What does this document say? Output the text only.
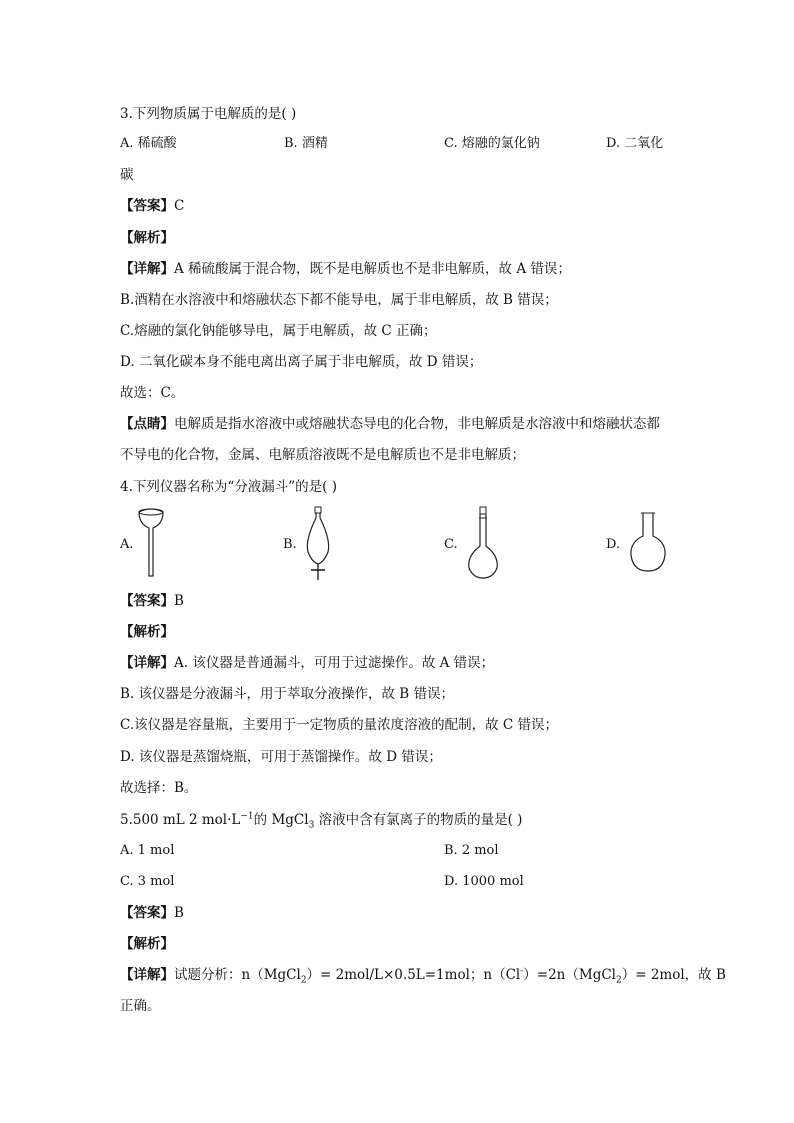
3.下列物质属于电解质的是( )
A. 稀硫酸	B. 酒精	C. 熔融的氯化钠	D. 二氧化
碳
【答案】C
【解析】
【详解】A 稀硫酸属于混合物，既不是电解质也不是非电解质，故 A 错误；
B.酒精在水溶液中和熔融状态下都不能导电，属于非电解质，故 B 错误；
C.熔融的氯化钠能够导电，属于电解质，故 C 正确；
D. 二氧化碳本身不能电离出离子属于非电解质，故 D 错误；
故选：C。
【点睛】电解质是指水溶液中或熔融状态导电的化合物，非电解质是水溶液中和熔融状态都
不导电的化合物，金属、电解质溶液既不是电解质也不是非电解质；
4.下列仪器名称为“分液漏斗”的是( )
A.	B.	C.	D.
【答案】B
【解析】
【详解】A. 该仪器是普通漏斗，可用于过滤操作。故 A 错误；
B. 该仪器是分液漏斗，用于萃取分液操作，故 B 错误；
C.该仪器是容量瓶，主要用于一定物质的量浓度溶液的配制，故 C 错误；
D. 该仪器是蒸馏烧瓶，可用于蒸馏操作。故 D 错误；
故选择：B。
5.500 mL 2 $mol\cdot L^{-1}$的 MgCl$_3$ 溶液中含有氯离子的物质的量是( )
A. 1 mol	B. 2 mol
C. 3 mol	D. 1000 mol
【答案】B
【解析】
【详解】试题分析：n（MgCl$_2$）= 2mol/L×0.5L=1mol；n（Cl-）=2n（MgCl$_2$）= 2mol，故 B
正确。
